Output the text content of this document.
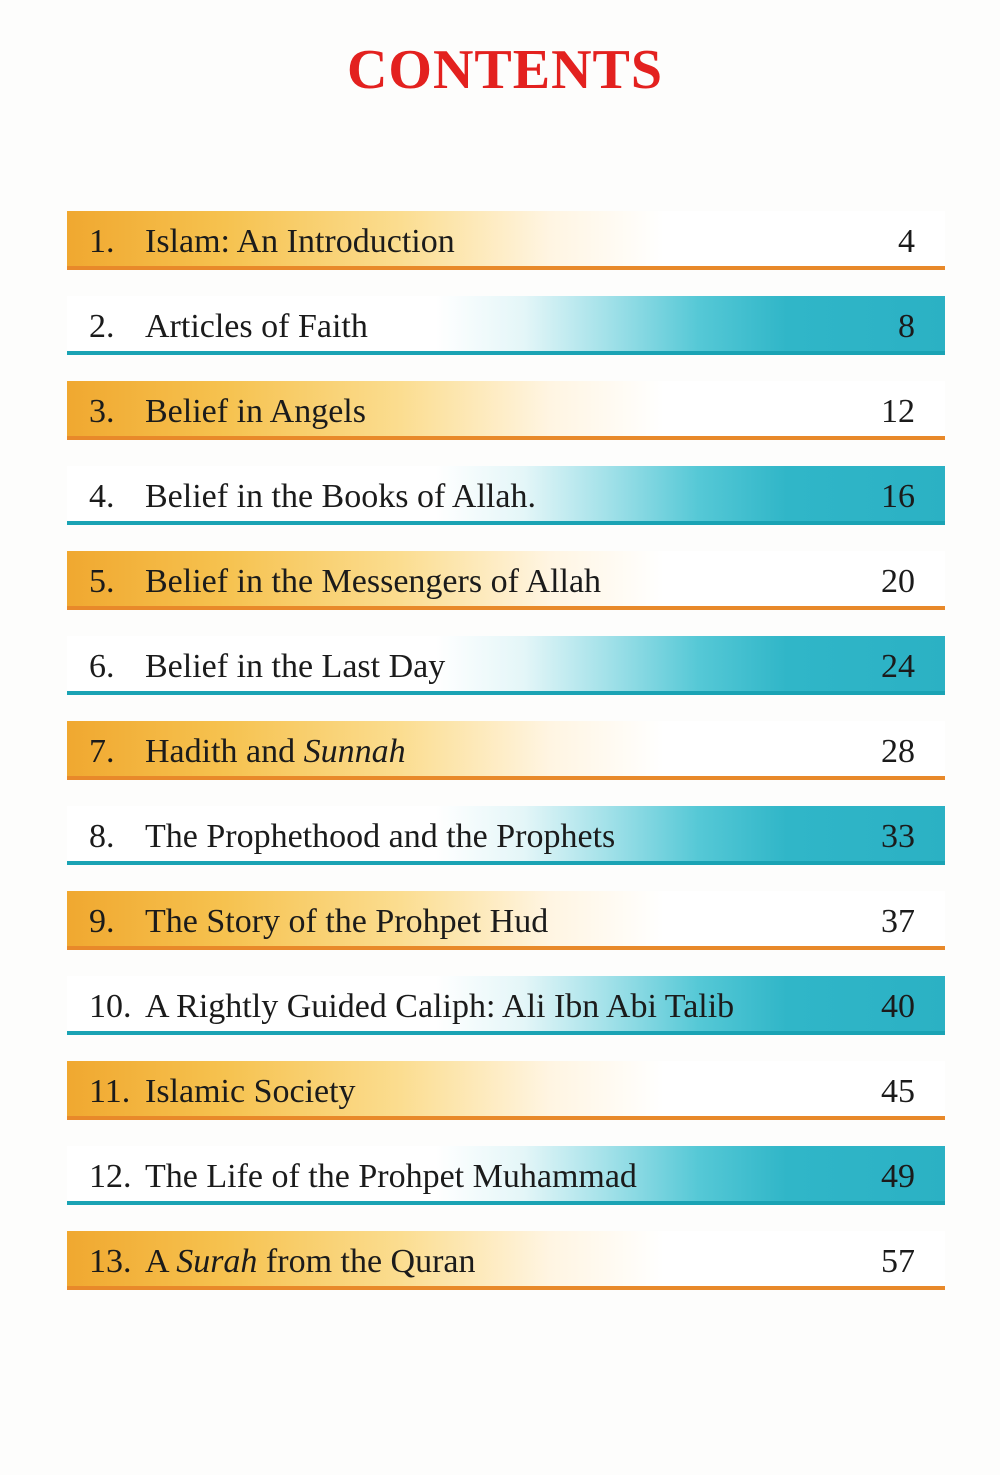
CONTENTS
1. Islam: An Introduction	4
2. Articles of Faith	8
3. Belief in Angels	12
4. Belief in the Books of Allah.	16
5. Belief in the Messengers of Allah	20
6. Belief in the Last Day	24
7. Hadith and Sunnah	28
8. The Prophethood and the Prophets	33
9. The Story of the Prohpet Hud	37
10. A Rightly Guided Caliph: Ali Ibn Abi Talib	40
11. Islamic Society	45
12. The Life of the Prohpet Muhammad	49
13. A Surah from the Quran	57
